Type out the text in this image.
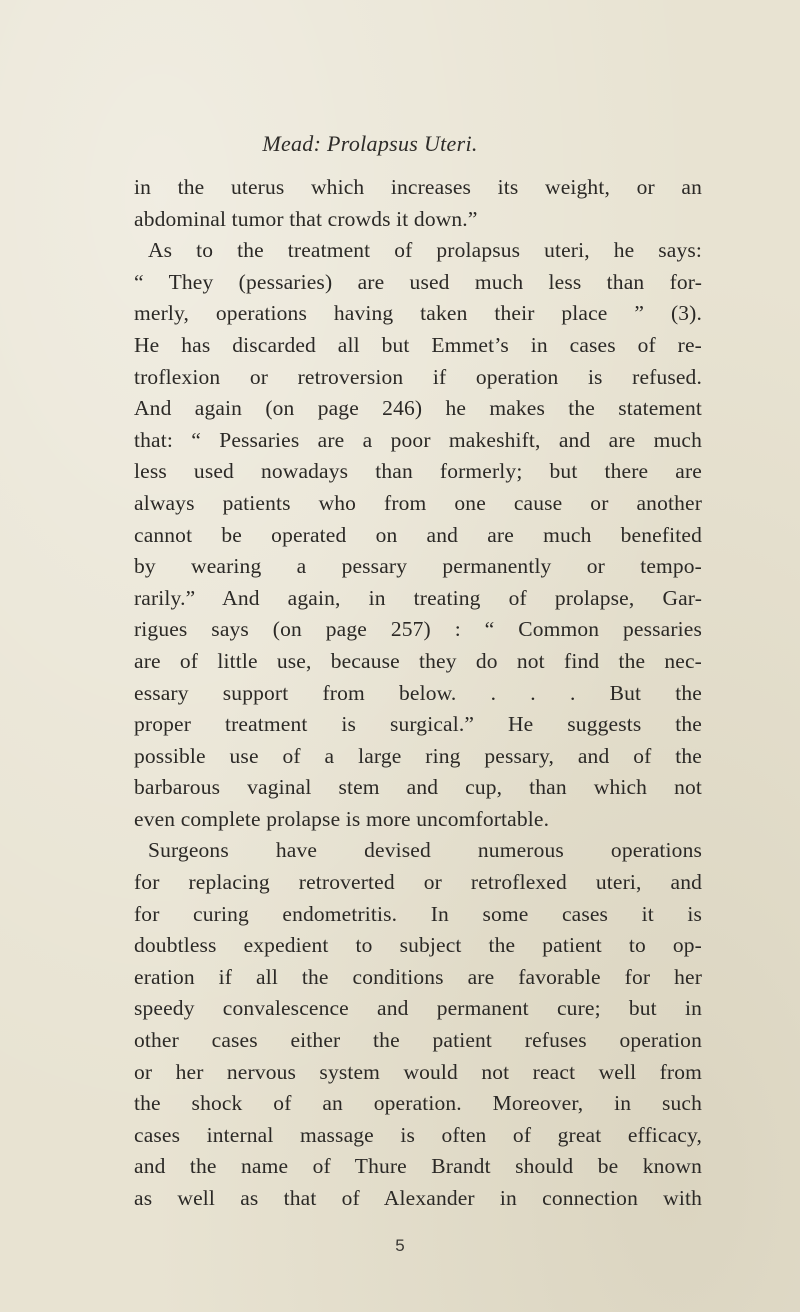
Mead: Prolapsus Uteri.
in the uterus which increases its weight, or an
abdominal tumor that crowds it down.”
As to the treatment of prolapsus uteri, he says:
“ They (pessaries) are used much less than for-
merly, operations having taken their place ” (3).
He has discarded all but Emmet’s in cases of re-
troflexion or retroversion if operation is refused.
And again (on page 246) he makes the statement
that: “ Pessaries are a poor makeshift, and are much
less used nowadays than formerly; but there are
always patients who from one cause or another
cannot be operated on and are much benefited
by wearing a pessary permanently or tempo-
rarily.” And again, in treating of prolapse, Gar-
rigues says (on page 257) : “ Common pessaries
are of little use, because they do not find the nec-
essary support from below. . . . But the
proper treatment is surgical.” He suggests the
possible use of a large ring pessary, and of the
barbarous vaginal stem and cup, than which not
even complete prolapse is more uncomfortable.
Surgeons have devised numerous operations
for replacing retroverted or retroflexed uteri, and
for curing endometritis. In some cases it is
doubtless expedient to subject the patient to op-
eration if all the conditions are favorable for her
speedy convalescence and permanent cure; but in
other cases either the patient refuses operation
or her nervous system would not react well from
the shock of an operation. Moreover, in such
cases internal massage is often of great efficacy,
and the name of Thure Brandt should be known
as well as that of Alexander in connection with
5
